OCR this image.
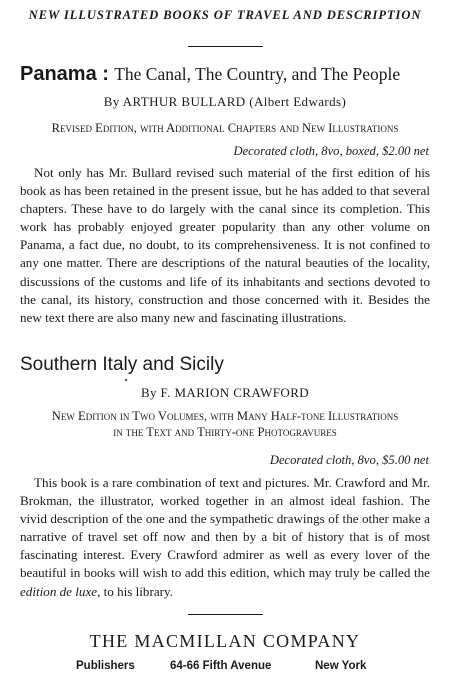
NEW ILLUSTRATED BOOKS OF TRAVEL AND DESCRIPTION
Panama : The Canal, The Country, and The People
By ARTHUR BULLARD (Albert Edwards)
Revised Edition, with Additional Chapters and New Illustrations
Decorated cloth, 8vo, boxed, $2.00 net

Not only has Mr. Bullard revised such material of the first edition of his book as has been retained in the present issue, but he has added to that several chapters. These have to do largely with the canal since its completion. This work has probably enjoyed greater popularity than any other volume on Panama, a fact due, no doubt, to its comprehensiveness. It is not confined to any one matter. There are descriptions of the natural beauties of the locality, discussions of the customs and life of its inhabitants and sections devoted to the canal, its history, construction and those concerned with it. Besides the new text there are also many new and fascinating illustrations.

Southern Italy and Sicily
By F. MARION CRAWFORD
New Edition in Two Volumes, with Many Half-tone Illustrations
in the Text and Thirty-one Photogravures
Decorated cloth, 8vo, $5.00 net

This book is a rare combination of text and pictures. Mr. Crawford and Mr. Brokman, the illustrator, worked together in an almost ideal fashion. The vivid description of the one and the sympathetic drawings of the other make a narrative of travel set off now and then by a bit of history that is of most fascinating interest. Every Crawford admirer as well as every lover of the beautiful in books will wish to add this edition, which may truly be called the edition de luxe, to his library.

THE MACMILLAN COMPANY
Publishers	64-66 Fifth Avenue	New York
